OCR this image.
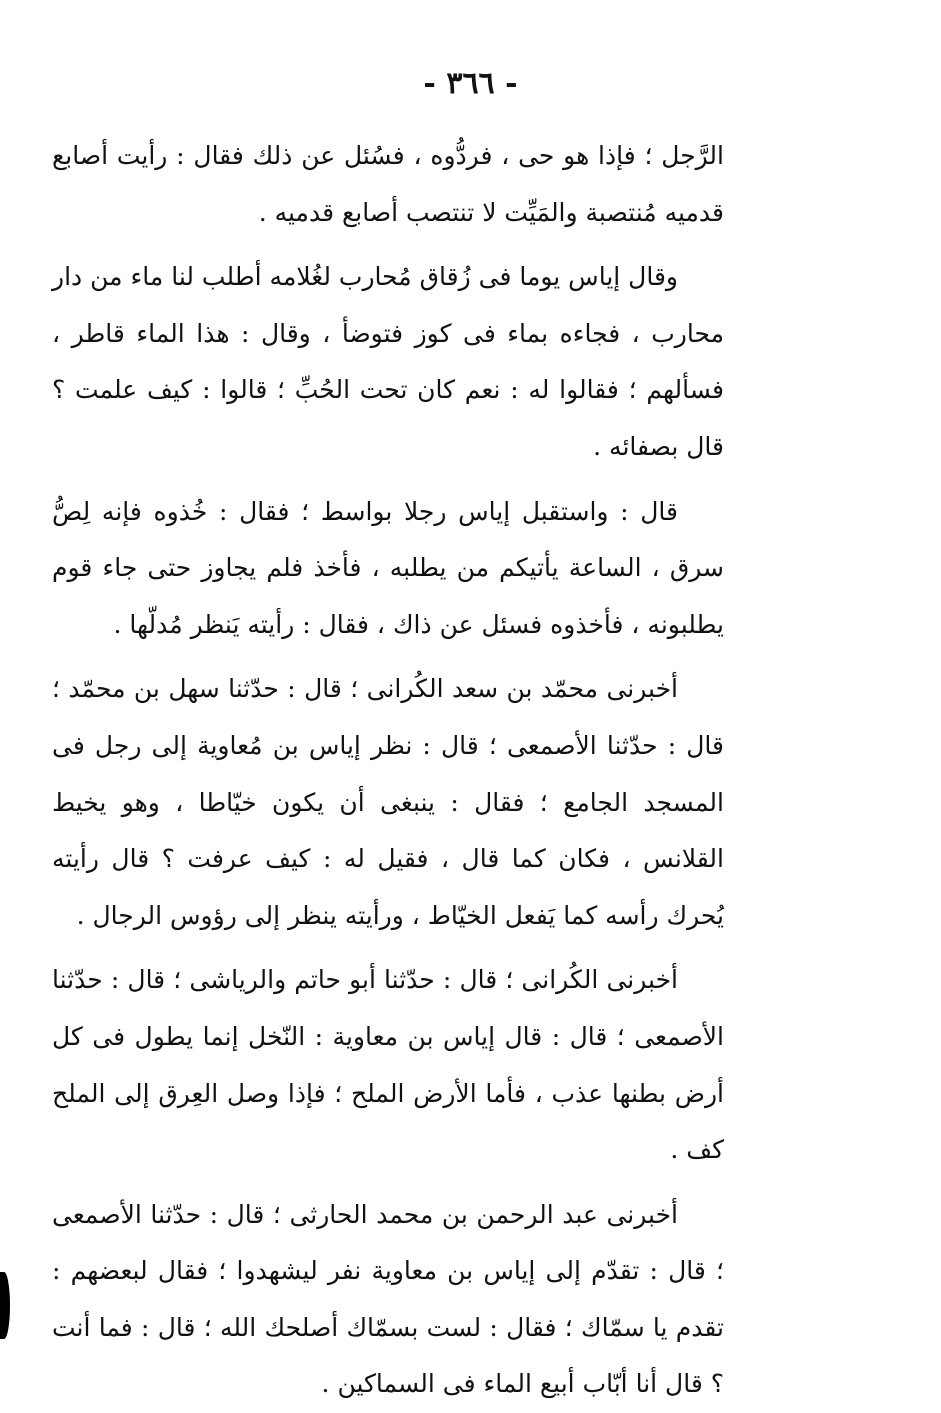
- ٣٦٦ -

الرَّجل ؛ فإذا هو حى ، فردُّوه ، فسُئل عن ذلك فقال : رأيت أصابع قدميه مُنتصبة والمَيِّت لا تنتصب أصابع قدميه .

وقال إياس يوما فى زُقاق مُحارب لغُلامه أطلب لنا ماء من دار محارب ، فجاءه بماء فى كوز فتوضأ ، وقال : هذا الماء قاطر ، فسألهم ؛ فقالوا له : نعم كان تحت الحُبِّ ؛ قالوا : كيف علمت ؟ قال بصفائه .

قال : واستقبل إياس رجلا بواسط ؛ فقال : خُذوه فإنه لِصُّ سرق ، الساعة يأتيكم من يطلبه ، فأخذ فلم يجاوز حتى جاء قوم يطلبونه ، فأخذوه فسئل عن ذاك ، فقال : رأيته يَنظر مُدلّها .

أخبرنى محمّد بن سعد الكُرانى ؛ قال : حدّثنا سهل بن محمّد ؛ قال : حدّثنا الأصمعى ؛ قال : نظر إياس بن مُعاوية إلى رجل فى المسجد الجامع ؛ فقال : ينبغى أن يكون خيّاطا ، وهو يخيط القلانس ، فكان كما قال ، فقيل له : كيف عرفت ؟ قال رأيته يُحرك رأسه كما يَفعل الخيّاط ، ورأيته ينظر إلى رؤوس الرجال .

أخبرنى الكُرانى ؛ قال : حدّثنا أبو حاتم والرياشى ؛ قال : حدّثنا الأصمعى ؛ قال : قال إياس بن معاوية : النّخل إنما يطول فى كل أرض بطنها عذب ، فأما الأرض الملح ؛ فإذا وصل العِرق إلى الملح كف .

أخبرنى عبد الرحمن بن محمد الحارثى ؛ قال : حدّثنا الأصمعى ؛ قال : تقدّم إلى إياس بن معاوية نفر ليشهدوا ؛ فقال لبعضهم : تقدم يا سمّاك ؛ فقال : لست بسمّاك أصلحك الله ؛ قال : فما أنت ؟ قال أنا أبّاب أبيع الماء فى السماكين .
